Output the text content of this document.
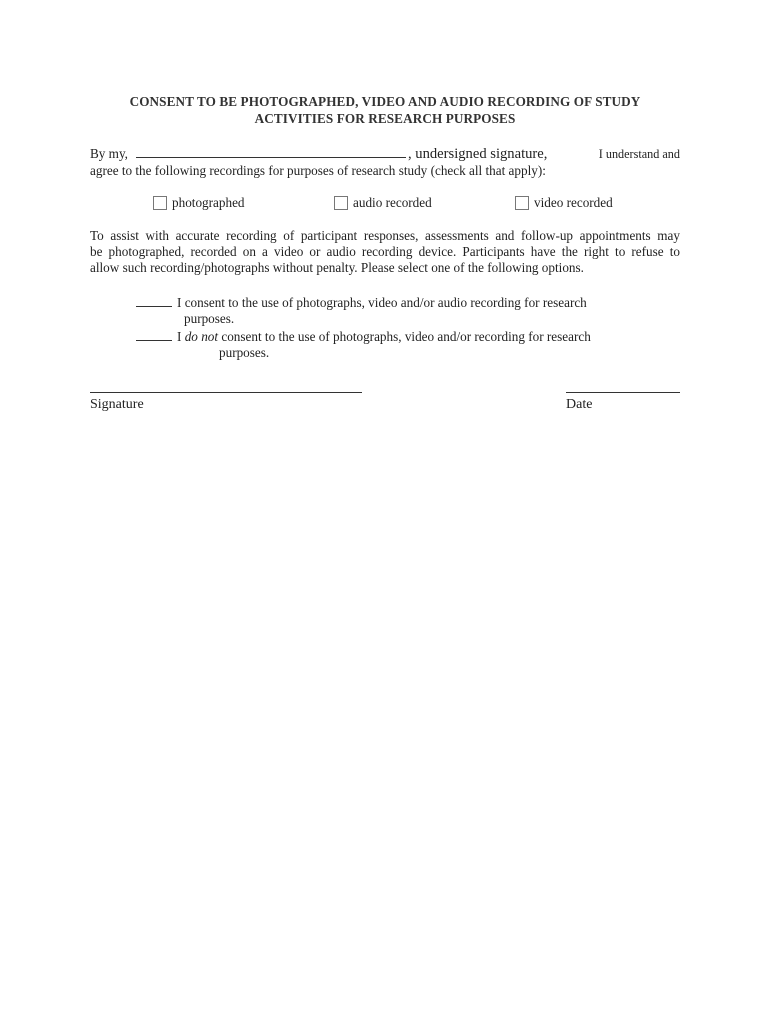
CONSENT TO BE PHOTOGRAPHED, VIDEO AND AUDIO RECORDING OF STUDY
ACTIVITIES FOR RESEARCH PURPOSES
By my,	, undersigned signature,	I understand and
agree to the following recordings for purposes of research study (check all that apply):
photographed	audio recorded	video recorded
To assist with accurate recording of participant responses, assessments and follow-up appointments may
be photographed, recorded on a video or audio recording device. Participants have the right to refuse to
allow such recording/photographs without penalty. Please select one of the following options.
I consent to the use of photographs, video and/or audio recording for research
purposes.
I do not consent to the use of photographs, video and/or recording for research
purposes.
Signature	Date
